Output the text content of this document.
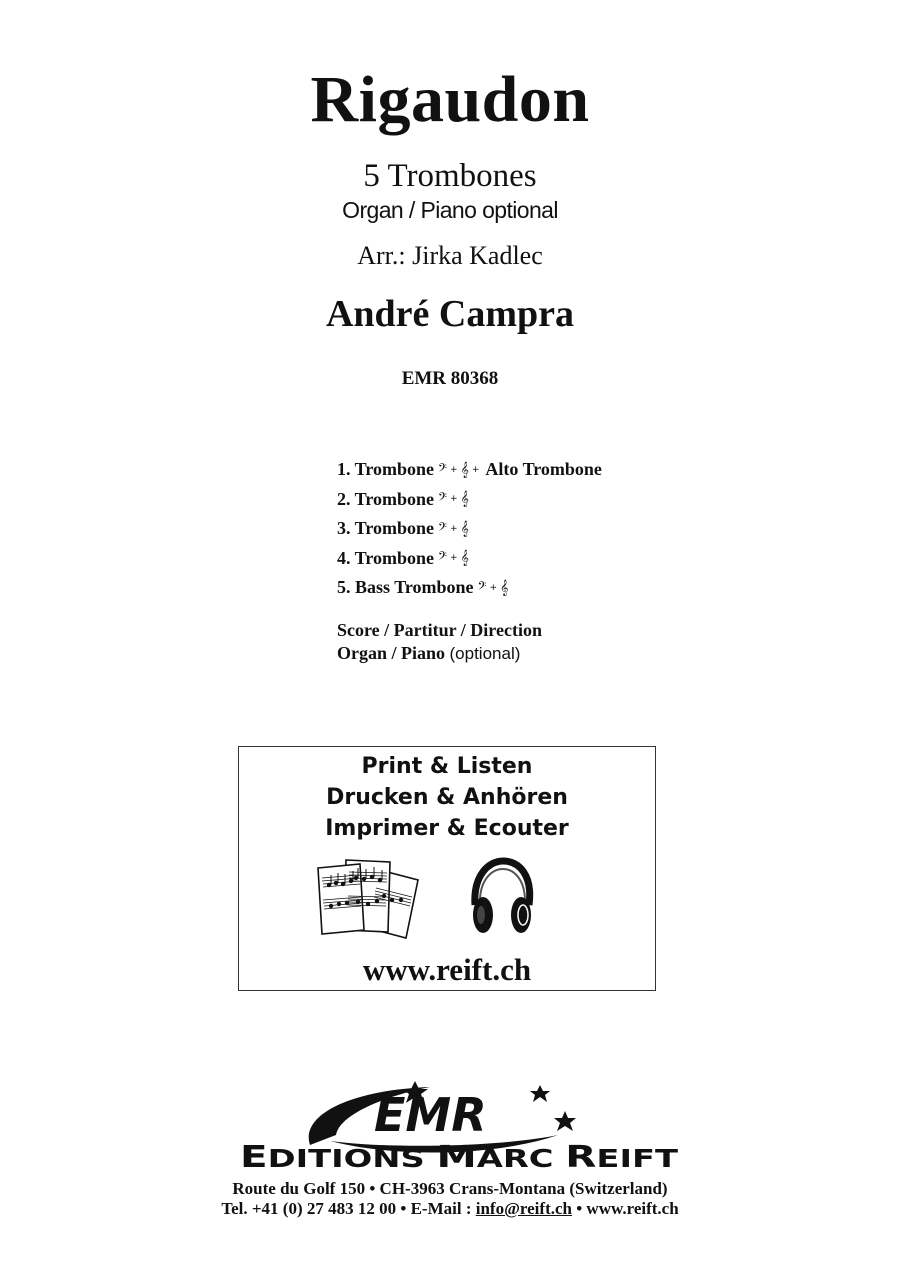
Rigaudon
5 Trombones
Organ / Piano optional
Arr.: Jirka Kadlec
André Campra
EMR 80368
1. Trombone 𝄢 + 𝄞 + Alto Trombone
2. Trombone 𝄢 + 𝄞
3. Trombone 𝄢 + 𝄞
4. Trombone 𝄢 + 𝄞
5. Bass Trombone 𝄢 + 𝄞
Score / Partitur / Direction
Organ / Piano (optional)
Print & Listen
Drucken & Anhören
Imprimer & Ecouter
www.reift.ch
EMR
E DITIONS M ARC R EIFT
Route du Golf 150 • CH-3963 Crans-Montana (Switzerland)
Tel. +41 (0) 27 483 12 00 • E-Mail : info@reift.ch • www.reift.ch
